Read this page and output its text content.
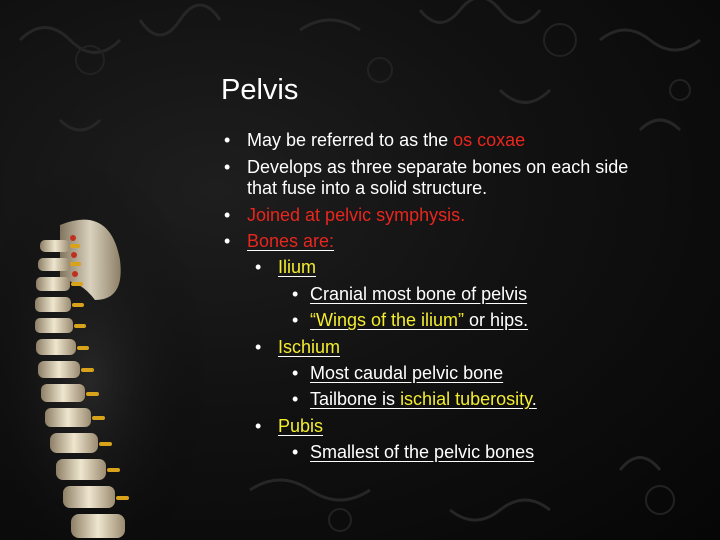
Pelvis
• May be referred to as the os coxae
• Develops as three separate bones on each side
that fuse into a solid structure.
• Joined at pelvic symphysis.
• Bones are:
• Ilium
• Cranial most bone of pelvis
• “Wings of the ilium” or hips.
• Ischium
• Most caudal pelvic bone
• Tailbone is ischial tuberosity.
• Pubis
• Smallest of the pelvic bones
